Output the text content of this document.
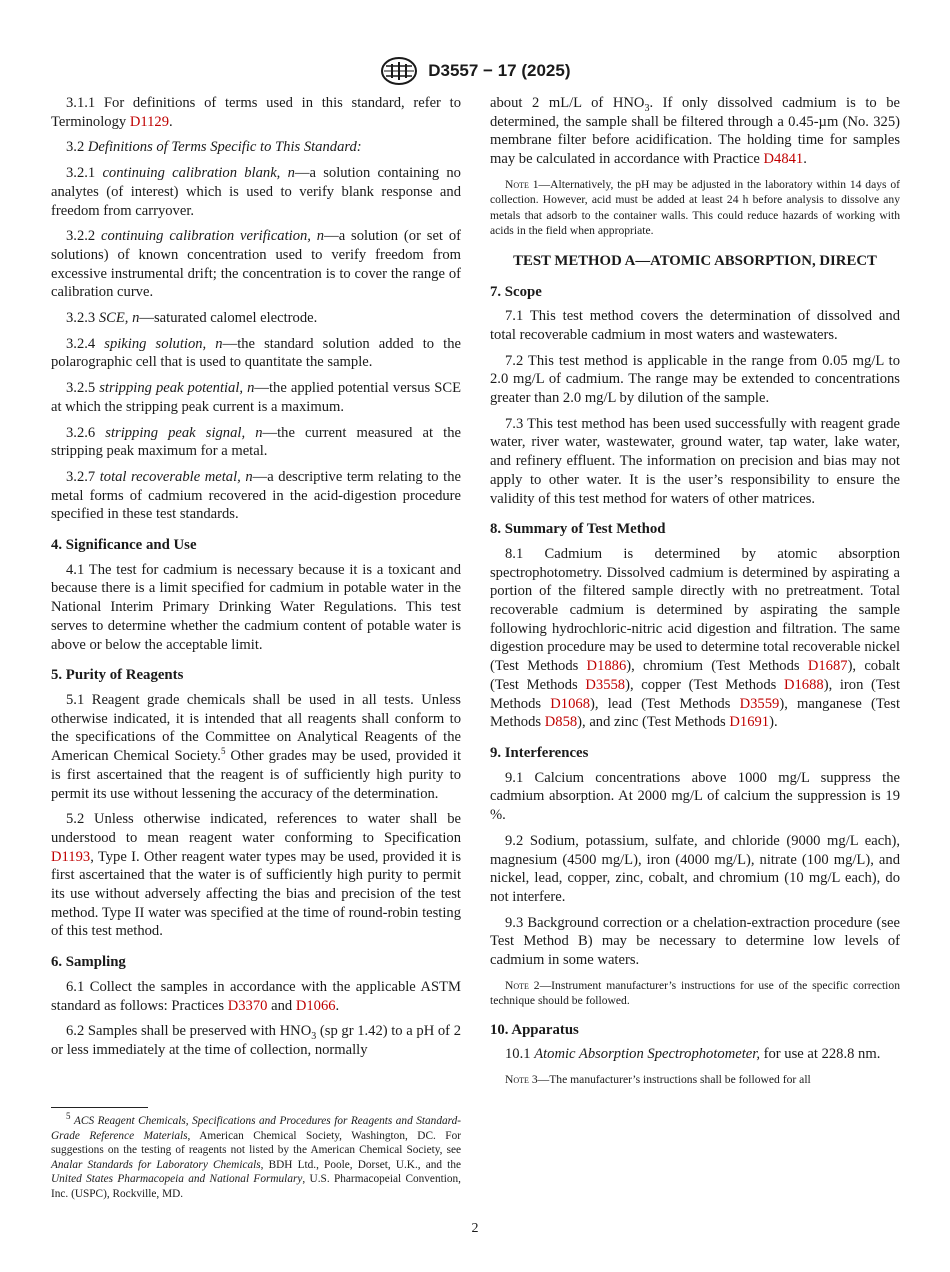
D3557 − 17 (2025)

3.1.1 For definitions of terms used in this standard, refer to Terminology D1129.

3.2 Definitions of Terms Specific to This Standard:

3.2.1 continuing calibration blank, n—a solution containing no analytes (of interest) which is used to verify blank response and freedom from carryover.

3.2.2 continuing calibration verification, n—a solution (or set of solutions) of known concentration used to verify freedom from excessive instrumental drift; the concentration is to cover the range of calibration curve.

3.2.3 SCE, n—saturated calomel electrode.

3.2.4 spiking solution, n—the standard solution added to the polarographic cell that is used to quantitate the sample.

3.2.5 stripping peak potential, n—the applied potential versus SCE at which the stripping peak current is a maximum.

3.2.6 stripping peak signal, n—the current measured at the stripping peak maximum for a metal.

3.2.7 total recoverable metal, n—a descriptive term relating to the metal forms of cadmium recovered in the acid-digestion procedure specified in these test standards.

4. Significance and Use

4.1 The test for cadmium is necessary because it is a toxicant and because there is a limit specified for cadmium in potable water in the National Interim Primary Drinking Water Regulations. This test serves to determine whether the cadmium content of potable water is above or below the acceptable limit.

5. Purity of Reagents

5.1 Reagent grade chemicals shall be used in all tests. Unless otherwise indicated, it is intended that all reagents shall conform to the specifications of the Committee on Analytical Reagents of the American Chemical Society.$^5$ Other grades may be used, provided it is first ascertained that the reagent is of sufficiently high purity to permit its use without lessening the accuracy of the determination.

5.2 Unless otherwise indicated, references to water shall be understood to mean reagent water conforming to Specification D1193, Type I. Other reagent water types may be used, provided it is first ascertained that the water is of sufficiently high purity to permit its use without adversely affecting the bias and precision of the test method. Type II water was specified at the time of round-robin testing of this test method.

6. Sampling

6.1 Collect the samples in accordance with the applicable ASTM standard as follows: Practices D3370 and D1066.

6.2 Samples shall be preserved with $HNO_3$ (sp gr 1.42) to a pH of 2 or less immediately at the time of collection, normally

$^5$ ACS Reagent Chemicals, Specifications and Procedures for Reagents and Standard-Grade Reference Materials, American Chemical Society, Washington, DC. For suggestions on the testing of reagents not listed by the American Chemical Society, see Analar Standards for Laboratory Chemicals, BDH Ltd., Poole, Dorset, U.K., and the United States Pharmacopeia and National Formulary, U.S. Pharmacopeial Convention, Inc. (USPC), Rockville, MD.

about 2 mL/L of $HNO_3$. If only dissolved cadmium is to be determined, the sample shall be filtered through a 0.45-µm (No. 325) membrane filter before acidification. The holding time for samples may be calculated in accordance with Practice D4841.

Note 1—Alternatively, the pH may be adjusted in the laboratory within 14 days of collection. However, acid must be added at least 24 h before analysis to dissolve any metals that adsorb to the container walls. This could reduce hazards of working with acids in the field when appropriate.

TEST METHOD A—ATOMIC ABSORPTION, DIRECT
7. Scope

7.1 This test method covers the determination of dissolved and total recoverable cadmium in most waters and wastewaters.

7.2 This test method is applicable in the range from 0.05 mg/L to 2.0 mg/L of cadmium. The range may be extended to concentrations greater than 2.0 mg/L by dilution of the sample.

7.3 This test method has been used successfully with reagent grade water, river water, wastewater, ground water, tap water, lake water, and refinery effluent. The information on precision and bias may not apply to other water. It is the user’s responsibility to ensure the validity of this test method for waters of other matrices.

8. Summary of Test Method

8.1 Cadmium is determined by atomic absorption spectrophotometry. Dissolved cadmium is determined by aspirating a portion of the filtered sample directly with no pretreatment. Total recoverable cadmium is determined by aspirating the sample following hydrochloric-nitric acid digestion and filtration. The same digestion procedure may be used to determine total recoverable nickel (Test Methods D1886), chromium (Test Methods D1687), cobalt (Test Methods D3558), copper (Test Methods D1688), iron (Test Methods D1068), lead (Test Methods D3559), manganese (Test Methods D858), and zinc (Test Methods D1691).

9. Interferences

9.1 Calcium concentrations above 1000 mg/L suppress the cadmium absorption. At 2000 mg/L of calcium the suppression is 19 %.

9.2 Sodium, potassium, sulfate, and chloride (9000 mg/L each), magnesium (4500 mg/L), iron (4000 mg/L), nitrate (100 mg/L), and nickel, lead, copper, zinc, cobalt, and chromium (10 mg/L each), do not interfere.

9.3 Background correction or a chelation-extraction procedure (see Test Method B) may be necessary to determine low levels of cadmium in some waters.

Note 2—Instrument manufacturer’s instructions for use of the specific correction technique should be followed.

10. Apparatus

10.1 Atomic Absorption Spectrophotometer, for use at 228.8 nm.

Note 3—The manufacturer’s instructions shall be followed for all

2
